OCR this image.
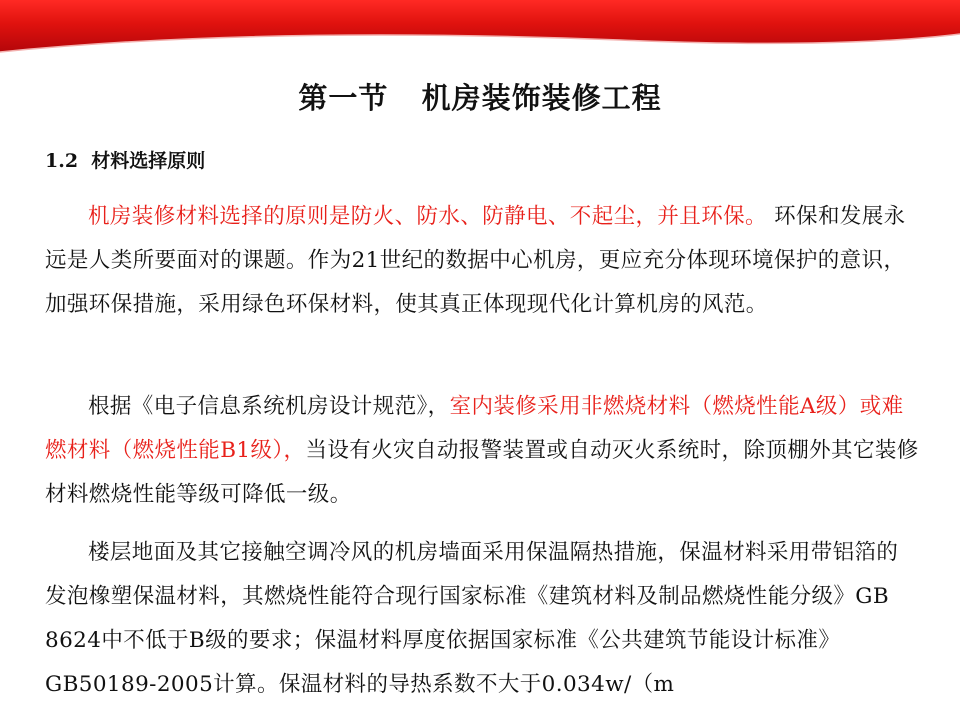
第一节   机房装饰装修工程
1.2  材料选择原则

机房装修材料选择的原则是防火、防水、防静电、不起尘，并且环保。 环保和发展永远是人类所要面对的课题。作为21世纪的数据中心机房，更应充分体现环境保护的意识，加强环保措施，采用绿色环保材料，使其真正体现现代化计算机房的风范。

根据《电子信息系统机房设计规范》，室内装修采用非燃烧材料（燃烧性能A级）或难燃材料（燃烧性能B1级），当设有火灾自动报警装置或自动灭火系统时，除顶棚外其它装修材料燃烧性能等级可降低一级。

楼层地面及其它接触空调冷风的机房墙面采用保温隔热措施，保温材料采用带铝箔的发泡橡塑保温材料，其燃烧性能符合现行国家标准《建筑材料及制品燃烧性能分级》GB 8624中不低于B级的要求；保温材料厚度依据国家标准《公共建筑节能设计标准》GB50189-2005计算。保温材料的导热系数不大于0.034w/（m
